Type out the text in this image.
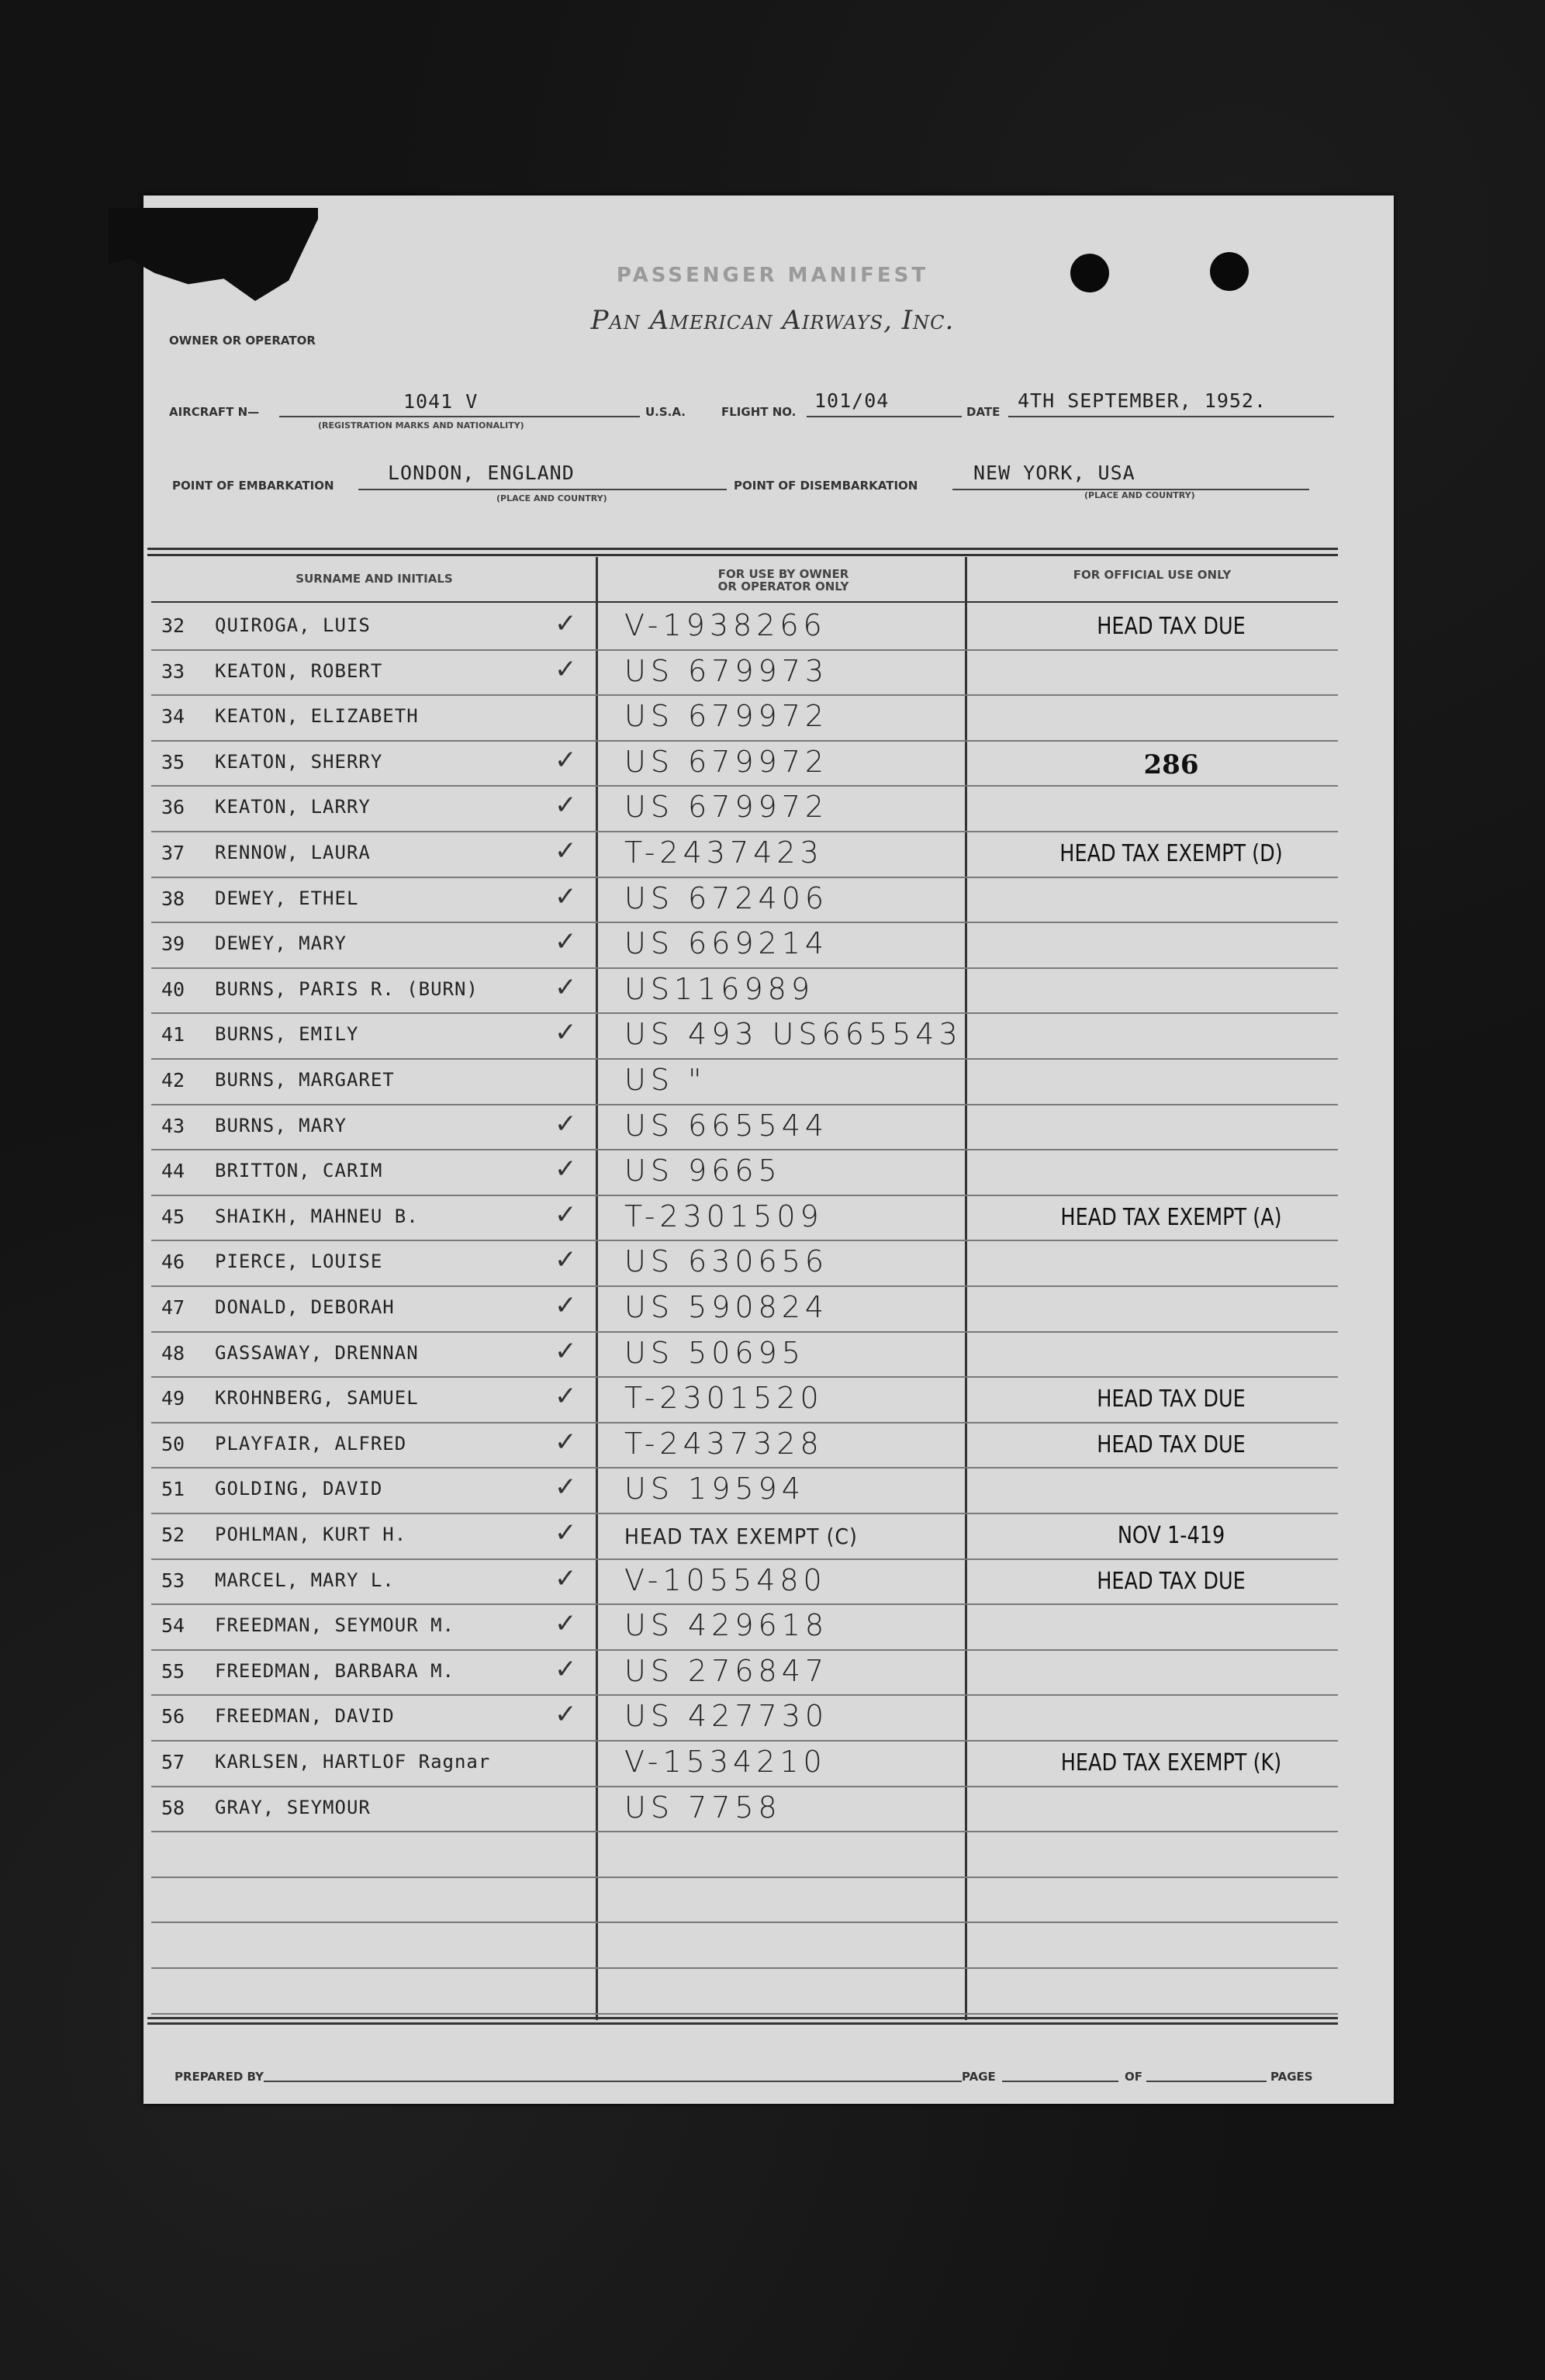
PASSENGER MANIFEST
Pan American Airways, Inc.
OWNER OR OPERATOR
AIRCRAFT N—	1041 V
(REGISTRATION MARKS AND NATIONALITY)
U.S.A.	FLIGHT NO. 101/04	DATE 4TH SEPTEMBER, 1952.
POINT OF EMBARKATION
LONDON, ENGLAND
(PLACE AND COUNTRY)
POINT OF DISEMBARKATION
NEW YORK, USA
(PLACE AND COUNTRY)
SURNAME AND INITIALS	FOR USE BY OWNER
OR OPERATOR ONLY
FOR OFFICIAL USE ONLY
32 QUIROGA, LUIS	✓ V-1938266	HEAD TAX DUE
33 KEATON, ROBERT	✓ US 679973
34 KEATON, ELIZABETH	US 679972
35 KEATON, SHERRY	✓ US 679972	286
36 KEATON, LARRY	✓ US 679972
37 RENNOW, LAURA	✓ T-2437423	HEAD TAX EXEMPT (D)
38 DEWEY, ETHEL	✓ US 672406
39 DEWEY, MARY	✓ US 669214
40 BURNS, PARIS R. (BURN)	✓ US116989
41 BURNS, EMILY	✓ US 493 US665543
42 BURNS, MARGARET	US "
43 BURNS, MARY	✓ US 665544
44 BRITTON, CARIM	✓ US 9665
45 SHAIKH, MAHNEU B.	✓ T-2301509	HEAD TAX EXEMPT (A)
46 PIERCE, LOUISE	✓ US 630656
47 DONALD, DEBORAH	✓ US 590824
48 GASSAWAY, DRENNAN	✓ US 50695
49 KROHNBERG, SAMUEL	✓ T-2301520	HEAD TAX DUE
50 PLAYFAIR, ALFRED	✓ T-2437328	HEAD TAX DUE
51 GOLDING, DAVID	✓ US 19594
52 POHLMAN, KURT H.	✓ HEAD TAX EXEMPT (C)	NOV 1-419
53 MARCEL, MARY L.	✓ V-1055480	HEAD TAX DUE
54 FREEDMAN, SEYMOUR M.	✓ US 429618
55 FREEDMAN, BARBARA M.	✓ US 276847
56 FREEDMAN, DAVID	✓ US 427730
57 KARLSEN, HARTLOF Ragnar	V-1534210	HEAD TAX EXEMPT (K)
58 GRAY, SEYMOUR	US 7758
PREPARED BY	PAGE	OF	PAGES
